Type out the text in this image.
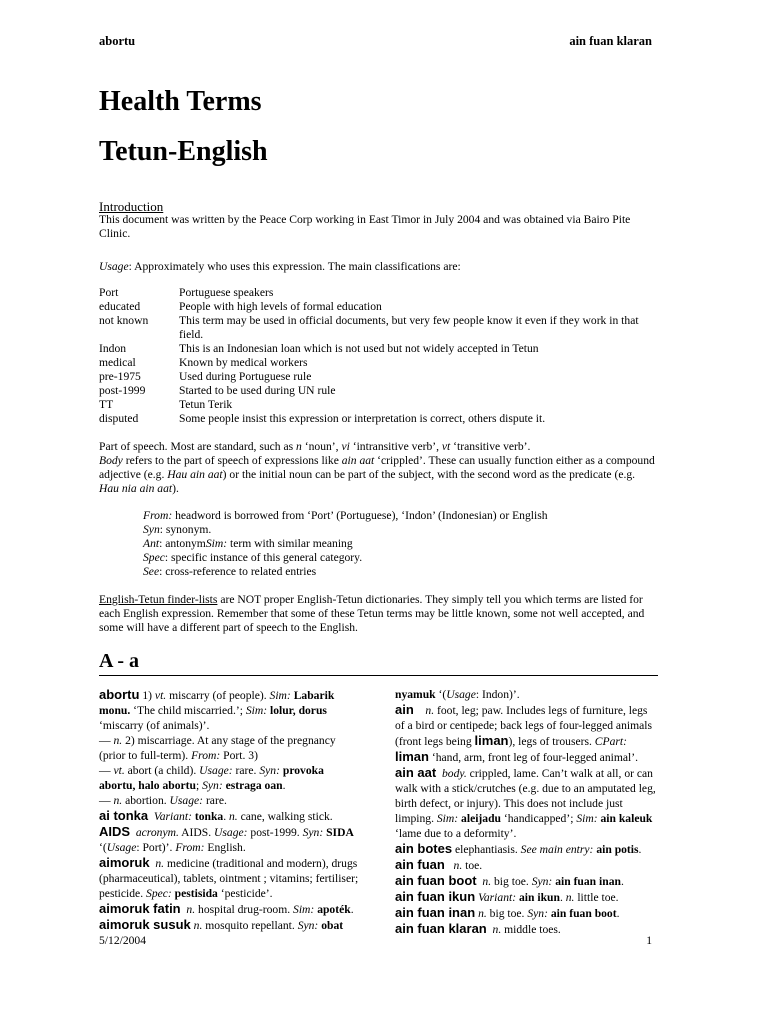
abortu	ain fuan klaran
Health Terms
Tetun-English
Introduction
This document was written by the Peace Corp working in East Timor in July 2004 and was obtained via Bairo Pite Clinic.
Usage: Approximately who uses this expression. The main classifications are:
Port	Portuguese speakers
educated	People with high levels of formal education
not known	This term may be used in official documents, but very few people know it even if they work in that field.
Indon	This is an Indonesian loan which is not used but not widely accepted in Tetun
medical	Known by medical workers
pre-1975	Used during Portuguese rule
post-1999	Started to be used during UN rule
TT	Tetun Terik
disputed	Some people insist this expression or interpretation is correct, others dispute it.
Part of speech. Most are standard, such as n ‘noun’, vi ‘intransitive verb’, vt ‘transitive verb’.
Body refers to the part of speech of expressions like ain aat ‘crippled’. These can usually function either as a compound adjective (e.g. Hau ain aat) or the initial noun can be part of the subject, with the second word as the predicate (e.g. Hau nia ain aat).
From: headword is borrowed from ‘Port’ (Portuguese), ‘Indon’ (Indonesian) or English
Syn: synonym.
Ant: antonymSim: term with similar meaning
Spec: specific instance of this general category.
See: cross-reference to related entries
English-Tetun finder-lists are NOT proper English-Tetun dictionaries. They simply tell you which terms are listed for each English expression. Remember that some of these Tetun terms may be little known, some not well accepted, and some will have a different part of speech to the English.
A - a

abortu 1) vt. miscarry (of people). Sim: Labarik monu. ‘The child miscarried.’; Sim: lolur, dorus ‘miscarry (of animals)’.

— n. 2) miscarriage. At any stage of the pregnancy (prior to full-term). From: Port. 3)

— vt. abort (a child). Usage: rare. Syn: provoka abortu, halo abortu; Syn: estraga oan.

— n. abortion. Usage: rare.

ai tonka Variant: tonka. n. cane, walking stick.

AIDS acronym. AIDS. Usage: post-1999. Syn: SIDA ‘(Usage: Port)’. From: English.

aimoruk n. medicine (traditional and modern), drugs (pharmaceutical), tablets, ointment ; vitamins; fertiliser; pesticide. Spec: pestisida ‘pesticide’.

aimoruk fatin n. hospital drug-room. Sim: apoték.

aimoruk susuk n. mosquito repellant. Syn: obat

nyamuk ‘(Usage: Indon)’.

ain n. foot, leg; paw. Includes legs of furniture, legs of a bird or centipede; back legs of four-legged animals (front legs being liman), legs of trousers. CPart: liman ‘hand, arm, front leg of four-legged animal’.

ain aat body. crippled, lame. Can’t walk at all, or can walk with a stick/crutches (e.g. due to an amputated leg, birth defect, or injury). This does not include just limping. Sim: aleijadu ‘handicapped’; Sim: ain kaleuk ‘lame due to a deformity’.

ain botes elephantiasis. See main entry: ain potis.

ain fuan n. toe.

ain fuan boot n. big toe. Syn: ain fuan inan.

ain fuan ikun Variant: ain ikun. n. little toe.

ain fuan inan n. big toe. Syn: ain fuan boot.

ain fuan klaran n. middle toes.

5/12/2004	1
